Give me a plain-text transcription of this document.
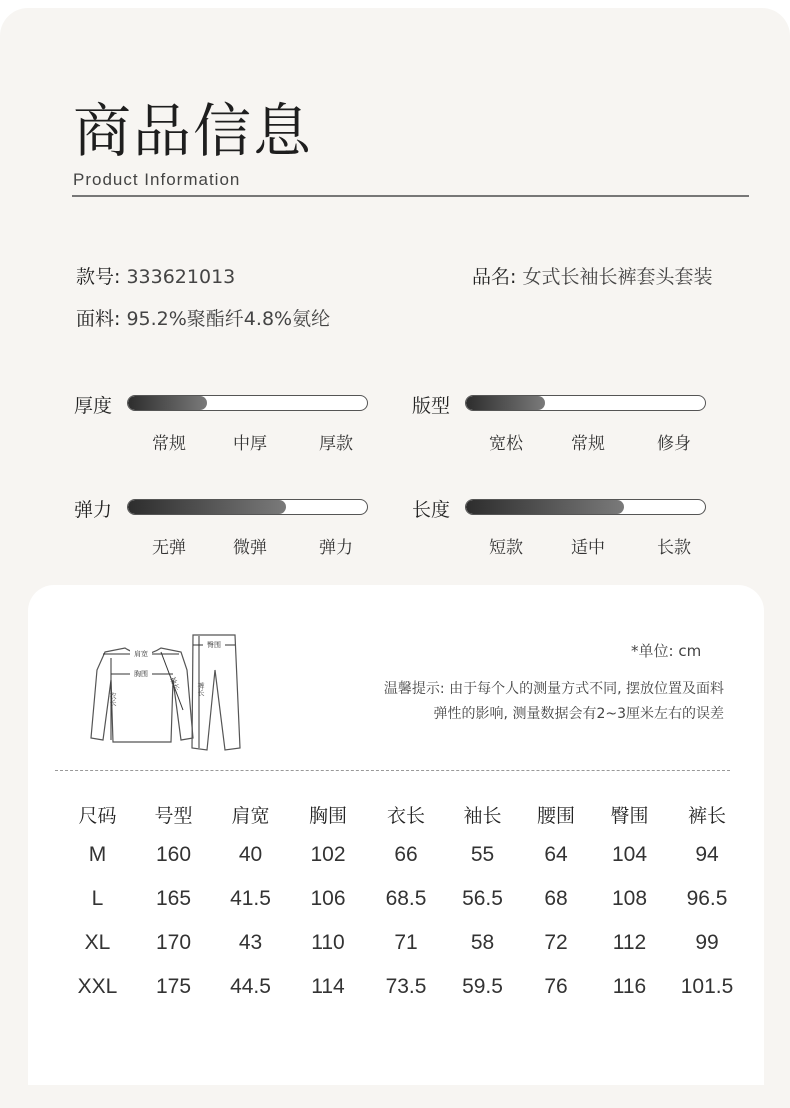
商品信息
Product Information
款号: 333621013	品名: 女式长袖长裤套头套装
面料: 95.2%聚酯纤4.8%氨纶
厚度
常规	中厚	厚款
版型
宽松	常规	修身
弹力
无弹	微弹	弹力
长度
短款	适中	长款
肩宽
胸围
衣长
袖长
臀围
裤长
*单位: cm
温馨提示: 由于每个人的测量方式不同, 摆放位置及面料
弹性的影响, 测量数据会有2~3厘米左右的误差
尺码	号型	肩宽	胸围	衣长	袖长	腰围	臀围	裤长
M	160	40	102	66	55	64	104	94
L	165	41.5	106	68.5	56.5	68	108	96.5
XL	170	43	110	71	58	72	112	99
XXL	175	44.5	114	73.5	59.5	76	116	101.5
